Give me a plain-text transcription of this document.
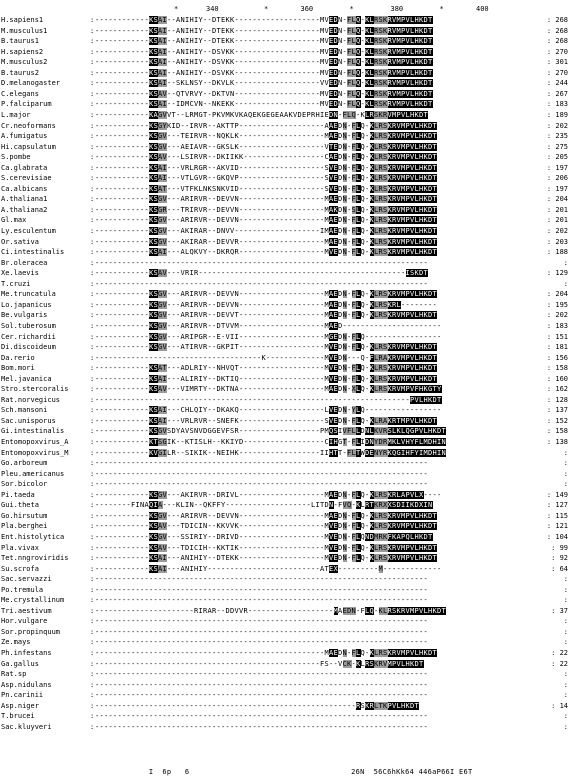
*	340	*	360	*	380	*	400
H.sapiens1	: ------------KSAI--ANIHIY--DTEKK-------------------MVEDN-FLQ-KLRSKRVMPVLHKDT	: 268
M.musculus1	: ------------KSAI--ANIHIY--DTEKK-------------------MVEDN-FLQ-KLRSKRVMPVLHKDT	: 268
B.taurus1	: ------------KSAI--ANIHIY--DTEKK-------------------MVEDN-FLQ-KLRSKRVMPVLHKDT	: 268
H.sapiens2	: ------------KSAI--ANIHIY--DSVKK-------------------MVEDN-FLQ-KLRSKRVMPVLHKDT	: 270
M.musculus2	: ------------KSAI--ANIHIY--DSVKK-------------------MVEDN-FLQ-KLRSKRVMPVLHKDT	: 301
B.taurus2	: ------------KSAI--ANIHIY--DSVKK-------------------MVEDN-FLQ-KLRSKRVMPVLHKDT	: 270
D.melanogaster	: ------------KSAI--SKLNSY--DKVLK-------------------VVEDN-FLQ-KLRSKRVMPVLHKDT	: 244
C.elegans	: ------------KSAV--QTVRVY--DKTVN-------------------MVEDN-FLQ-KLRSKRVMPVLHKDT	: 267
P.falciparum	: ------------KSAI--IDMCVN--NKEKK-------------------MVEDN-FLQ-KLRSKRVMPVLHKDT	: 183
L.major	: ------------KAGVVT--LRMGT-PKVMKVKAQEKGEGEAAKVDEPRHIEDN-FLQ-KLRSKRVMPVLHKDT	: 189
Cr.neoformans	: ------------KSGYKID--IRVR--AKTTP-------------------AAEDN-FLQ-KLRSKRVMPVLHKDT	: 202
A.fumigatus	: ------------KSGV---TEIRVR--NQKLK-------------------MAEDN-FLQ-KLRSKRVMPVLHKDT	: 235
Hi.capsulatum	: ------------KSGV---AEIAVR--GKSLK-------------------VTEDN-FLQ-KLRSKRVMPVLHKDT	: 275
S.pombe	: ------------KSAV---LSIRVR--DKIIKK------------------CAEDN-FLQ-KLRSKRVMPVLHKDT	: 205
Ca.glabrata	: ------------KSAI---VRLRGR--AKVID-------------------SVEDN-FLQ-KLRSKRVMPVLHKDT	: 197
S.cerevisiae	: ------------KSAI---VTLGVR--GKQVP-------------------SVEDN-FLQ-KLRSKRVMPVLHKDT	: 206
Ca.albicans	: ------------KSAT---VTFKLNKSNKVID-------------------SVEDN-FLQ-KLRSKRVMPVLHKDT	: 197
A.thaliana1	: ------------KSGV---ARIRVR--DEVVN-------------------MAEDN-FLQ-KLRSKRVMPVLHKDT	: 204
A.thaliana2	: ------------KSGR---TRIRVR--DEVVN-------------------MAKDN-SLQ-KLRSKRVMPVLHKDT	: 201
Gl.max	: ------------KSGV---ARIRVR--DEVVN-------------------MAEDN-FLQ-KLRSKRVMPVLHKDT	: 201
Ly.esculentum	: ------------KSGV---AKIRAR--DNVV-------------------IMAEDN-FLQ-KLRSKRVMPVLHKDT	: 202
Or.sativa	: ------------KSGV---AKIRAR--DEVVR-------------------MAEDN-FLQ-KLRSKRVMPVLHKDT	: 203
Ci.intestinalis	: ------------KSAI---ALQKVY--DKRQR-------------------MVEDN-FLQ-KLRSKRVMPVLHKDT	: 188
Br.oleracea	: --------------------------------------------------------------------------	:
Xe.laevis	: ------------KSAV---VRIR----------------------------------------------ISKDT	: 129
T.cruzi	: --------------------------------------------------------------------------	:
Me.truncatula	: ------------KSGV---ARIRVR--DEVVN-------------------MAEDN-FLQ-KLRSKRVMPVLHKDT	: 204
Lo.japanicus	: ------------KSGV---ARIRVR--DEVVN-------------------MAEDN-FLQ-KLRSKRL--------	: 195
Be.vulgaris	: ------------KSGV---ARIRVR--DEVVT-------------------MAEDN-FLQ-KLRSKRVMPVLHKDT	: 202
Sol.tuberosum	: ------------KSGV---ARIRVR--DTVVM-------------------MAED----------------------	: 183
Cer.richardii	: ------------KSGV---ARIPGR--E-VII-------------------MGEDN-FLQ-----------------	: 151
Di.discoideum	: ------------KSGV---ATIRVR--GKPIT-------------------MVEDN-FLQ-KLRSKRVMPVLHKDT	: 181
Da.rerio	: -------------------------------------K-------------MVEDN---Q-FLRAKRVMPVLHKDT	: 156
Bom.mori	: ------------KSAT---ADLRIY--NHVQT-------------------MVEDN-FLQ-KLRSKRVMPVLHKDT	: 158
Mel.javanica	: ------------KSAI---ALIRIY--DKTIQ-------------------MVEDN-FLQ-KLRSKRVMPVLHKDT	: 160
Stro.stercoralis	: ------------KSAV---VIMRTY--DKTNA-------------------MAEDN-XLQ-KLRSKRVMPVFHKGTY	: 162
Rat.norvegicus	: ----------------------------------------------------------------------PVLHKDT	: 128
Sch.mansoni	: ------------KSAI---CHLQIY--DKAKQ-------------------LVEDN-YLQ-----------------	: 137
Sac.unisporus	: ------------KSAI---VRLRVR--SNEFK-------------------SVEDN-FLQ-KLRAKRTMPVLHKDT	: 152
Gi.intestinalis	: ------------KSGVSDYAVSNVDGGEVFSR------------------PMQSIVFLLDNLKVRSLKLQGPVLHKDT	: 158
Entomopoxvirus_A	: ------------KTSGIK--KTISLH--KKIYD------------------CIHGT-FLIDNYDRMKLVHYFLMDHIN	: 138
Entomopoxvirus_M	: ------------KVGILR--SIKIK--NEIHK------------------IIHTT-FLTWDENYRKQGIHFYIMDHIN	:
Go.arboreum	: --------------------------------------------------------------------------	:
Pleu.americanus	: --------------------------------------------------------------------------	:
Sor.bicolor	: --------------------------------------------------------------------------	:
Pi.taeda	: ------------KSGV---AKIRVR--DRIVL-------------------MAEDN-FLQ-KLRSKRLAPVLX----	: 149
Gui.theta	: --------FINAQIA---KLIN--QKFFY-------------------LITDN-FVQ-KLRTKRXXSDIIKDXIN	: 127
Go.hirsutum	: ------------KSGV---ARIRVR--DEVVN-------------------MAEDN-FLQ-KLRSKRVMPVLHKDT	: 115
Pla.berghei	: ------------KSAV---TDICIN--KKVVK-------------------MVEDN-FLQ-KLRSKRVMPVLHKDT	: 121
Ent.histolytica	: ------------KSGV---SSIRIY--DRIVD-------------------MVEDN-FLQNDMRKFKAPQLHKDT	: 104
Pla.vivax	: ------------KSAV---TDICIH--KKTIK-------------------MVEDN-FLQ-KLRSKRVMPVLHKDT	: 99
Tet.nngroviridis	: ------------KSAI---ANIHIY--DTEKK-------------------MVEDN-FLQ-KLRSKRVMPVLHKDT	: 92
Su.scrofa	: ------------KSAI---ANIHIY-------------------------ATEX---------M-------------	: 64
Sac.servazzi	: --------------------------------------------------------------------------	:
Po.tremula	: --------------------------------------------------------------------------	:
Me.crystallinum	: --------------------------------------------------------------------------	:
Tri.aestivum	: ----------------------RIRAR--DDVVR-------------------MAEDN-FLQ-KLRSKRVMPVLHKDT	: 37
Hor.vulgare	: --------------------------------------------------------------------------	:
Sor.propinquum	: --------------------------------------------------------------------------	:
Ze.mays	: --------------------------------------------------------------------------	:
Ph.infestans	: ---------------------------------------------------MAEDN-FLQ-KLRSKRVMPVLHKDT	: 22
Ga.gallus	: --------------------------------------------------FS--VCK-KLRSKRVMPVLHKDT	: 22
Rat.sp	: --------------------------------------------------------------------------	:
Asp.nidulans	: --------------------------------------------------------------------------	:
Pn.carinii	: --------------------------------------------------------------------------	:
Asp.niger	: ----------------------------------------------------------RSKRLTKPVLHKDT	: 14
T.brucei	: --------------------------------------------------------------------------	:
Sac.kluyveri	: --------------------------------------------------------------------------	:
I  6p   6                                    26N  56C6hKk64 446aP66I E6T
